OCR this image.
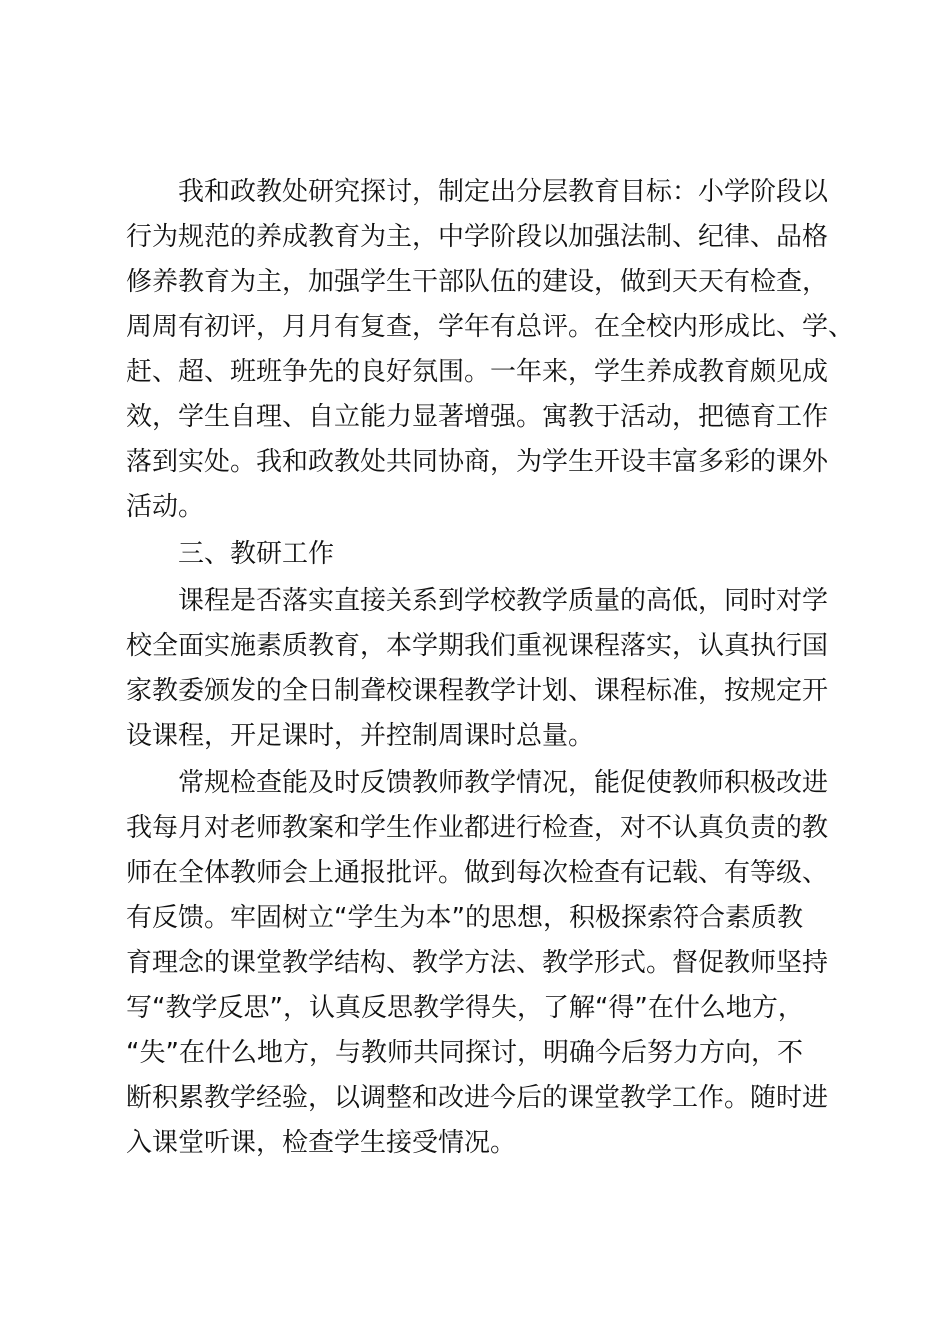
我和政教处研究探讨，制定出分层教育目标：小学阶段以
行为规范的养成教育为主，中学阶段以加强法制、纪律、品格
修养教育为主，加强学生干部队伍的建设，做到天天有检查，
周周有初评，月月有复查，学年有总评。在全校内形成比、学、
赶、超、班班争先的良好氛围。一年来，学生养成教育颇见成
效，学生自理、自立能力显著增强。寓教于活动，把德育工作
落到实处。我和政教处共同协商，为学生开设丰富多彩的课外
活动。
三、教研工作
课程是否落实直接关系到学校教学质量的高低，同时对学
校全面实施素质教育，本学期我们重视课程落实，认真执行国
家教委颁发的全日制聋校课程教学计划、课程标准，按规定开
设课程，开足课时，并控制周课时总量。
常规检查能及时反馈教师教学情况，能促使教师积极改进
我每月对老师教案和学生作业都进行检查，对不认真负责的教
师在全体教师会上通报批评。做到每次检查有记载、有等级、
有反馈。牢固树立“学生为本”的思想，积极探索符合素质教
育理念的课堂教学结构、教学方法、教学形式。督促教师坚持
写“教学反思”，认真反思教学得失，了解“得”在什么地方，
“失”在什么地方，与教师共同探讨，明确今后努力方向，不
断积累教学经验，以调整和改进今后的课堂教学工作。随时进
入课堂听课，检查学生接受情况。
